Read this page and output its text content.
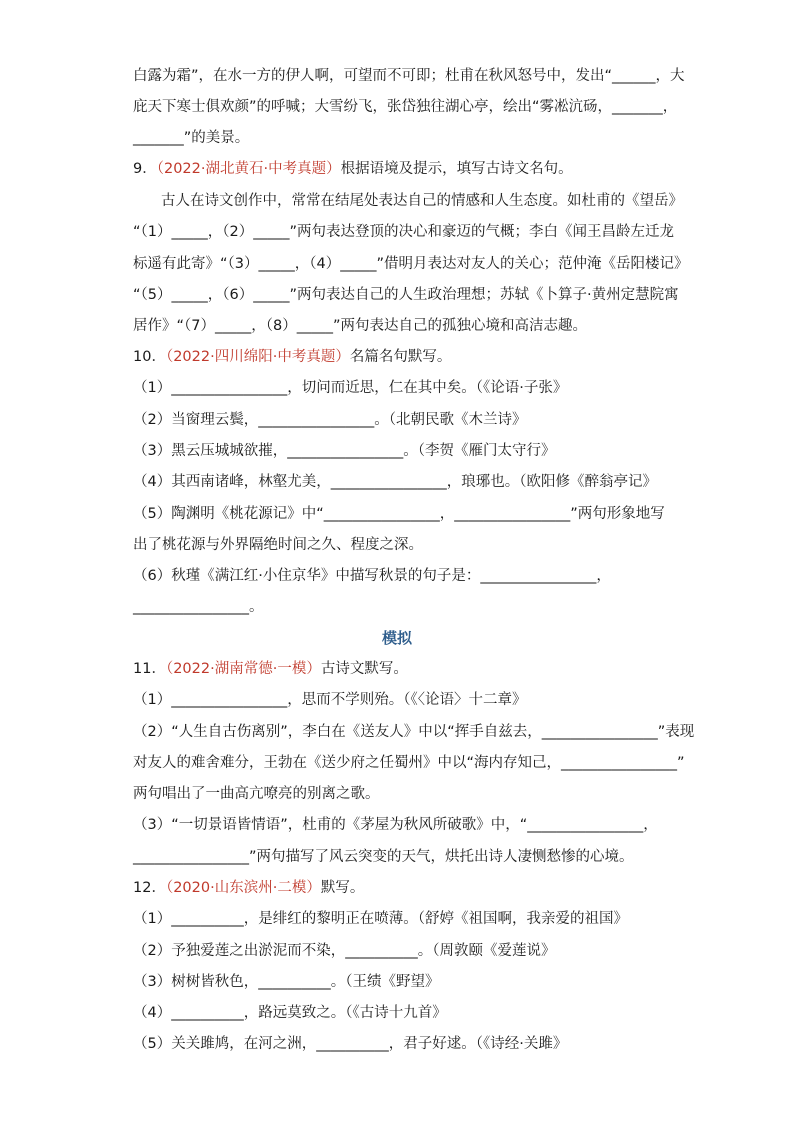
白露为霜”，在水一方的伊人啊，可望而不可即；杜甫在秋风怒号中，发出“______，大
庇天下寒士俱欢颜”的呼喊；大雪纷飞，张岱独往湖心亭，绘出“雾凇沆砀，_______，
_______”的美景。
9．（2022·湖北黄石·中考真题）根据语境及提示，填写古诗文名句。
古人在诗文创作中，常常在结尾处表达自己的情感和人生态度。如杜甫的《望岳》
“（1）_____，（2）_____”两句表达登顶的决心和豪迈的气概；李白《闻王昌龄左迁龙
标遥有此寄》“（3）_____，（4）_____”借明月表达对友人的关心；范仲淹《岳阳楼记》
“（5）_____，（6）_____”两句表达自己的人生政治理想；苏轼《卜算子·黄州定慧院寓
居作》“（7）_____，（8）_____”两句表达自己的孤独心境和高洁志趣。
10．（2022·四川绵阳·中考真题）名篇名句默写。
（1）________________，切问而近思，仁在其中矣。（《论语·子张》
（2）当窗理云鬓，________________。（北朝民歌《木兰诗》
（3）黑云压城城欲摧，________________。（李贺《雁门太守行》
（4）其西南诸峰，林壑尤美，________________，琅琊也。（欧阳修《醉翁亭记》
（5）陶渊明《桃花源记》中“________________，________________”两句形象地写
出了桃花源与外界隔绝时间之久、程度之深。
（6）秋瑾《满江红·小住京华》中描写秋景的句子是：________________，
________________。
模拟
11．（2022·湖南常德·一模）古诗文默写。
（1）________________，思而不学则殆。（《〈论语〉十二章》
（2）“人生自古伤离别”，李白在《送友人》中以“挥手自兹去，________________”表现
对友人的难舍难分，王勃在《送少府之任蜀州》中以“海内存知己，________________”
两句唱出了一曲高亢嘹亮的别离之歌。
（3）“一切景语皆情语”，杜甫的《茅屋为秋风所破歌》中，“________________，
________________”两句描写了风云突变的天气，烘托出诗人凄恻愁惨的心境。
12．（2020·山东滨州·二模）默写。
（1）__________，是绯红的黎明正在喷薄。（舒婷《祖国啊，我亲爱的祖国》
（2）予独爱莲之出淤泥而不染，__________。（周敦颐《爱莲说》
（3）树树皆秋色，__________。（王绩《野望》
（4）__________，路远莫致之。（《古诗十九首》
（5）关关雎鸠，在河之洲，__________，君子好逑。（《诗经·关雎》
